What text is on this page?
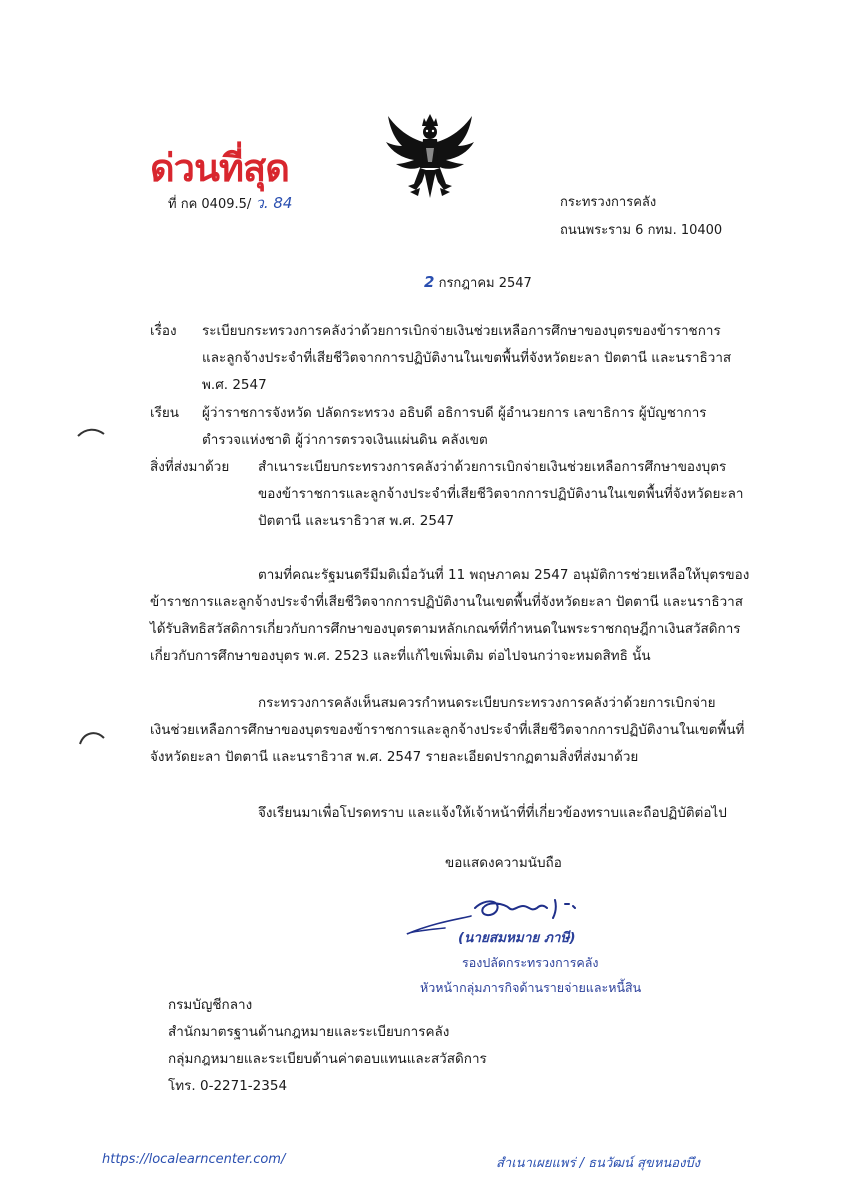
ด่วนที่สุด
ที่ กค 0409.5/ ว. 84	กระทรวงการคลัง
ถนนพระราม 6 กทม. 10400
2 กรกฎาคม 2547
เรื่อง ระเบียบกระทรวงการคลังว่าด้วยการเบิกจ่ายเงินช่วยเหลือการศึกษาของบุตรของข้าราชการ

และลูกจ้างประจำที่เสียชีวิตจากการปฏิบัติงานในเขตพื้นที่จังหวัดยะลา ปัตตานี และนราธิวาส

พ.ศ. 2547

เรียน ผู้ว่าราชการจังหวัด ปลัดกระทรวง อธิบดี อธิการบดี ผู้อำนวยการ เลขาธิการ ผู้บัญชาการ

ตำรวจแห่งชาติ ผู้ว่าการตรวจเงินแผ่นดิน คลังเขต

สิ่งที่ส่งมาด้วย สำเนาระเบียบกระทรวงการคลังว่าด้วยการเบิกจ่ายเงินช่วยเหลือการศึกษาของบุตร

ของข้าราชการและลูกจ้างประจำที่เสียชีวิตจากการปฏิบัติงานในเขตพื้นที่จังหวัดยะลา

ปัตตานี และนราธิวาส พ.ศ. 2547

ตามที่คณะรัฐมนตรีมีมติเมื่อวันที่ 11 พฤษภาคม 2547 อนุมัติการช่วยเหลือให้บุตรของ

ข้าราชการและลูกจ้างประจำที่เสียชีวิตจากการปฏิบัติงานในเขตพื้นที่จังหวัดยะลา ปัตตานี และนราธิวาส

ได้รับสิทธิสวัสดิการเกี่ยวกับการศึกษาของบุตรตามหลักเกณฑ์ที่กำหนดในพระราชกฤษฎีกาเงินสวัสดิการ

เกี่ยวกับการศึกษาของบุตร พ.ศ. 2523 และที่แก้ไขเพิ่มเติม ต่อไปจนกว่าจะหมดสิทธิ นั้น

กระทรวงการคลังเห็นสมควรกำหนดระเบียบกระทรวงการคลังว่าด้วยการเบิกจ่าย

เงินช่วยเหลือการศึกษาของบุตรของข้าราชการและลูกจ้างประจำที่เสียชีวิตจากการปฏิบัติงานในเขตพื้นที่

จังหวัดยะลา ปัตตานี และนราธิวาส พ.ศ. 2547 รายละเอียดปรากฏตามสิ่งที่ส่งมาด้วย

จึงเรียนมาเพื่อโปรดทราบ และแจ้งให้เจ้าหน้าที่ที่เกี่ยวข้องทราบและถือปฏิบัติต่อไป
ขอแสดงความนับถือ
(นายสมหมาย ภาษี)
รองปลัดกระทรวงการคลัง
หัวหน้ากลุ่มภารกิจด้านรายจ่ายและหนี้สิน

กรมบัญชีกลาง

สำนักมาตรฐานด้านกฎหมายและระเบียบการคลัง

กลุ่มกฎหมายและระเบียบด้านค่าตอบแทนและสวัสดิการ

โทร. 0-2271-2354

https://localearncenter.com/	สำเนาเผยแพร่ / ธนวัฒน์ สุขหนองบึง
